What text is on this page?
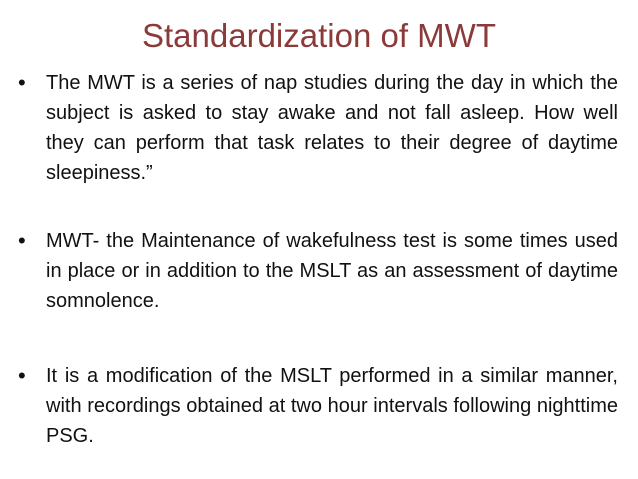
Standardization of MWT
• The MWT is a series of nap studies during the day in which the subject is asked to stay awake and not fall asleep. How well they can perform that task relates to their degree of daytime sleepiness.”
• MWT- the Maintenance of wakefulness test is some times used in place or in addition to the MSLT as an assessment of daytime somnolence.
• It is a modification of the MSLT performed in a similar manner, with recordings obtained at two hour intervals following nighttime PSG.
